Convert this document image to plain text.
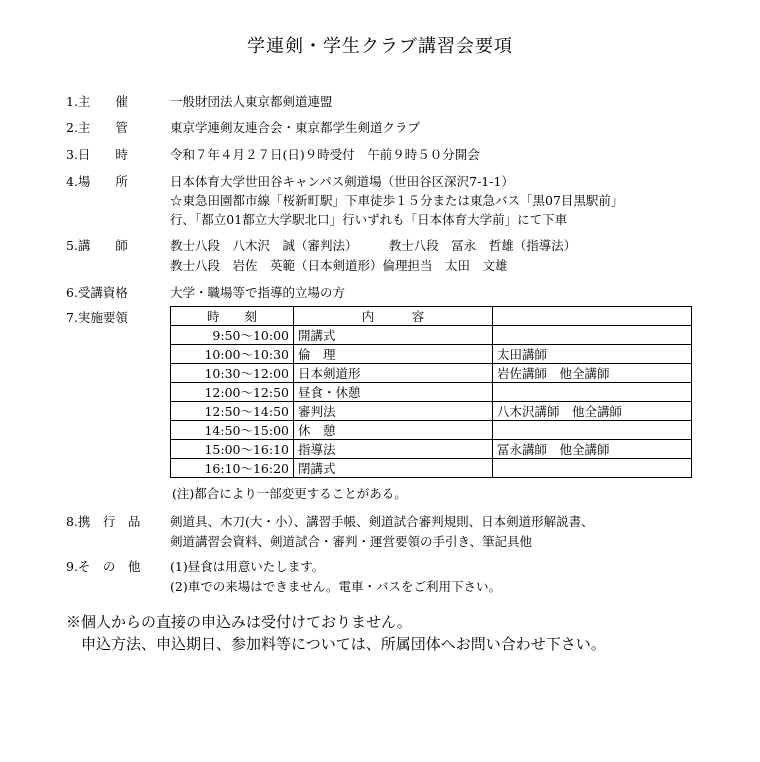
学連剣・学生クラブ講習会要項
1.主　　催	一般財団法人東京都剣道連盟
2.主　　管	東京学連剣友連合会・東京都学生剣道クラブ
3.日　　時	令和７年４月２７日(日)９時受付　午前９時５０分開会
4.場　　所	日本体育大学世田谷キャンパス剣道場（世田谷区深沢7-1-1）
☆東急田園都市線「桜新町駅」下車徒歩１５分または東急バス「黒07目黒駅前」
行、「都立01都立大学駅北口」行いずれも「日本体育大学前」にて下車
5.講　　師	教士八段　八木沢　誠（審判法）　　　教士八段　冨永　哲雄（指導法）
教士八段　岩佐　英範（日本剣道形）倫理担当　太田　文雄
6.受講資格	大学・職場等で指導的立場の方
7.実施要領	時　　刻	内　　　容	
9:50～10:00	開講式	
10:00～10:30	倫　理	太田講師
10:30～12:00	日本剣道形	岩佐講師　他全講師
12:00～12:50	昼食・休憩	
12:50～14:50	審判法	八木沢講師　他全講師
14:50～15:00	休　憩	
15:00～16:10	指導法	冨永講師　他全講師
16:10～16:20	閉講式	
(注)都合により一部変更することがある。
8.携　行　品	剣道具、木刀(大・小）、講習手帳、剣道試合審判規則、日本剣道形解説書、
剣道講習会資料、剣道試合・審判・運営要領の手引き、筆記具他
9.そ　の　他	(1)昼食は用意いたします。
(2)車での来場はできません。電車・バスをご利用下さい。
※個人からの直接の申込みは受付けておりません。
　申込方法、申込期日、参加料等については、所属団体へお問い合わせ下さい。
